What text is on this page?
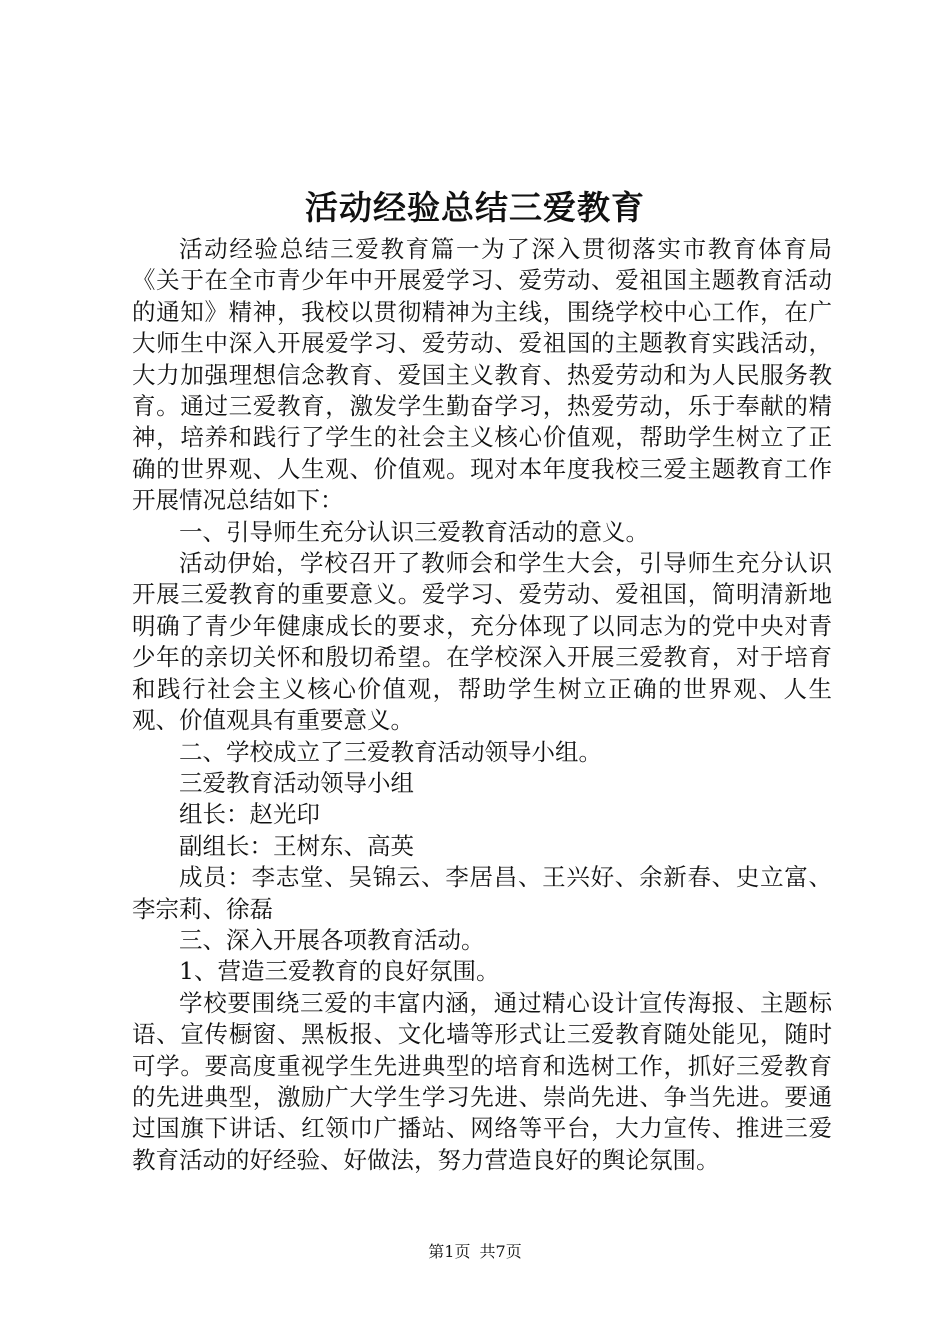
活动经验总结三爱教育

活动经验总结三爱教育篇一为了深入贯彻落实市教育体育局《关于在全市青少年中开展爱学习、爱劳动、爱祖国主题教育活动的通知》精神，我校以贯彻精神为主线，围绕学校中心工作，在广大师生中深入开展爱学习、爱劳动、爱祖国的主题教育实践活动，大力加强理想信念教育、爱国主义教育、热爱劳动和为人民服务教育。通过三爱教育，激发学生勤奋学习，热爱劳动，乐于奉献的精神，培养和践行了学生的社会主义核心价值观，帮助学生树立了正确的世界观、人生观、价值观。现对本年度我校三爱主题教育工作开展情况总结如下：

一、引导师生充分认识三爱教育活动的意义。

活动伊始，学校召开了教师会和学生大会，引导师生充分认识开展三爱教育的重要意义。爱学习、爱劳动、爱祖国，简明清新地明确了青少年健康成长的要求，充分体现了以同志为的党中央对青少年的亲切关怀和殷切希望。在学校深入开展三爱教育，对于培育和践行社会主义核心价值观，帮助学生树立正确的世界观、人生观、价值观具有重要意义。

二、学校成立了三爱教育活动领导小组。

三爱教育活动领导小组

组长：赵光印

副组长：王树东、高英

成员：李志堂、吴锦云、李居昌、王兴好、余新春、史立富、李宗莉、徐磊

三、深入开展各项教育活动。

1、营造三爱教育的良好氛围。

学校要围绕三爱的丰富内涵，通过精心设计宣传海报、主题标语、宣传橱窗、黑板报、文化墙等形式让三爱教育随处能见，随时可学。要高度重视学生先进典型的培育和选树工作，抓好三爱教育的先进典型，激励广大学生学习先进、崇尚先进、争当先进。要通过国旗下讲话、红领巾广播站、网络等平台，大力宣传、推进三爱教育活动的好经验、好做法，努力营造良好的舆论氛围。

第1页 共7页
